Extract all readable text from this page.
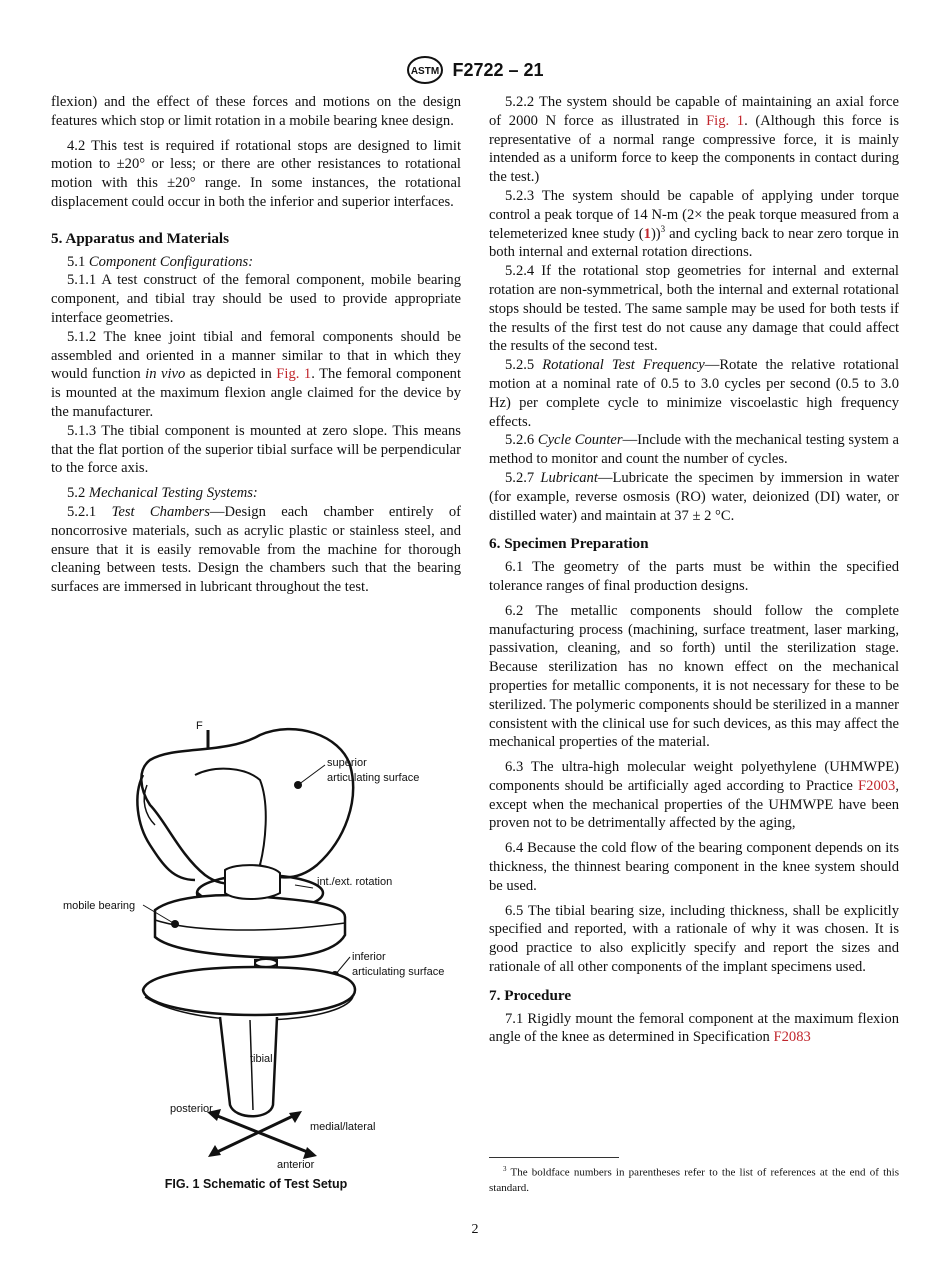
ASTM F2722 – 21

flexion) and the effect of these forces and motions on the design features which stop or limit rotation in a mobile bearing knee design.

4.2 This test is required if rotational stops are designed to limit motion to ±20° or less; or there are other resistances to rotational motion with this ±20° range. In some instances, the rotational displacement could occur in both the inferior and superior interfaces.

5. Apparatus and Materials

5.1 Component Configurations:

5.1.1 A test construct of the femoral component, mobile bearing component, and tibial tray should be used to provide appropriate interface geometries.

5.1.2 The knee joint tibial and femoral components should be assembled and oriented in a manner similar to that in which they would function in vivo as depicted in Fig. 1. The femoral component is mounted at the maximum flexion angle claimed for the device by the manufacturer.

5.1.3 The tibial component is mounted at zero slope. This means that the flat portion of the superior tibial surface will be perpendicular to the force axis.

5.2 Mechanical Testing Systems:

5.2.1 Test Chambers—Design each chamber entirely of noncorrosive materials, such as acrylic plastic or stainless steel, and ensure that it is easily removable from the machine for thorough cleaning between tests. Design the chambers such that the bearing surfaces are immersed in lubricant throughout the test.

F
superior
articulating surface
int./ext. rotation
mobile bearing
inferior
articulating surface
tibial
posterior
medial/lateral
anterior
FIG. 1 Schematic of Test Setup

5.2.2 The system should be capable of maintaining an axial force of 2000 N force as illustrated in Fig. 1. (Although this force is representative of a normal range compressive force, it is mainly intended as a uniform force to keep the components in contact during the test.)

5.2.3 The system should be capable of applying under torque control a peak torque of 14 N-m (2× the peak torque measured from a telemeterized knee study (1))$^3$ and cycling back to near zero torque in both internal and external rotation directions.

5.2.4 If the rotational stop geometries for internal and external rotation are non-symmetrical, both the internal and external rotational stops should be tested. The same sample may be used for both tests if the results of the first test do not cause any damage that could affect the results of the second test.

5.2.5 Rotational Test Frequency—Rotate the relative rotational motion at a nominal rate of 0.5 to 3.0 cycles per second (0.5 to 3.0 Hz) per complete cycle to minimize viscoelastic high frequency effects.

5.2.6 Cycle Counter—Include with the mechanical testing system a method to monitor and count the number of cycles.

5.2.7 Lubricant—Lubricate the specimen by immersion in water (for example, reverse osmosis (RO) water, deionized (DI) water, or distilled water) and maintain at 37 ± 2 °C.

6. Specimen Preparation

6.1 The geometry of the parts must be within the specified tolerance ranges of final production designs.

6.2 The metallic components should follow the complete manufacturing process (machining, surface treatment, laser marking, passivation, cleaning, and so forth) until the sterilization stage. Because sterilization has no known effect on the mechanical properties for metallic components, it is not necessary for these to be sterilized. The polymeric components should be sterilized in a manner consistent with the clinical use for such devices, as this may affect the mechanical properties of the material.

6.3 The ultra-high molecular weight polyethylene (UHMWPE) components should be artificially aged according to Practice F2003, except when the mechanical properties of the UHMWPE have been proven not to be detrimentally affected by the aging,

6.4 Because the cold flow of the bearing component depends on its thickness, the thinnest bearing component in the knee system should be used.

6.5 The tibial bearing size, including thickness, shall be explicitly specified and reported, with a rationale of why it was chosen. It is good practice to also explicitly specify and report the sizes and rationale of all other components of the implant specimens used.

7. Procedure

7.1 Rigidly mount the femoral component at the maximum flexion angle of the knee as determined in Specification F2083

$^3$ The boldface numbers in parentheses refer to the list of references at the end of this standard.
2
